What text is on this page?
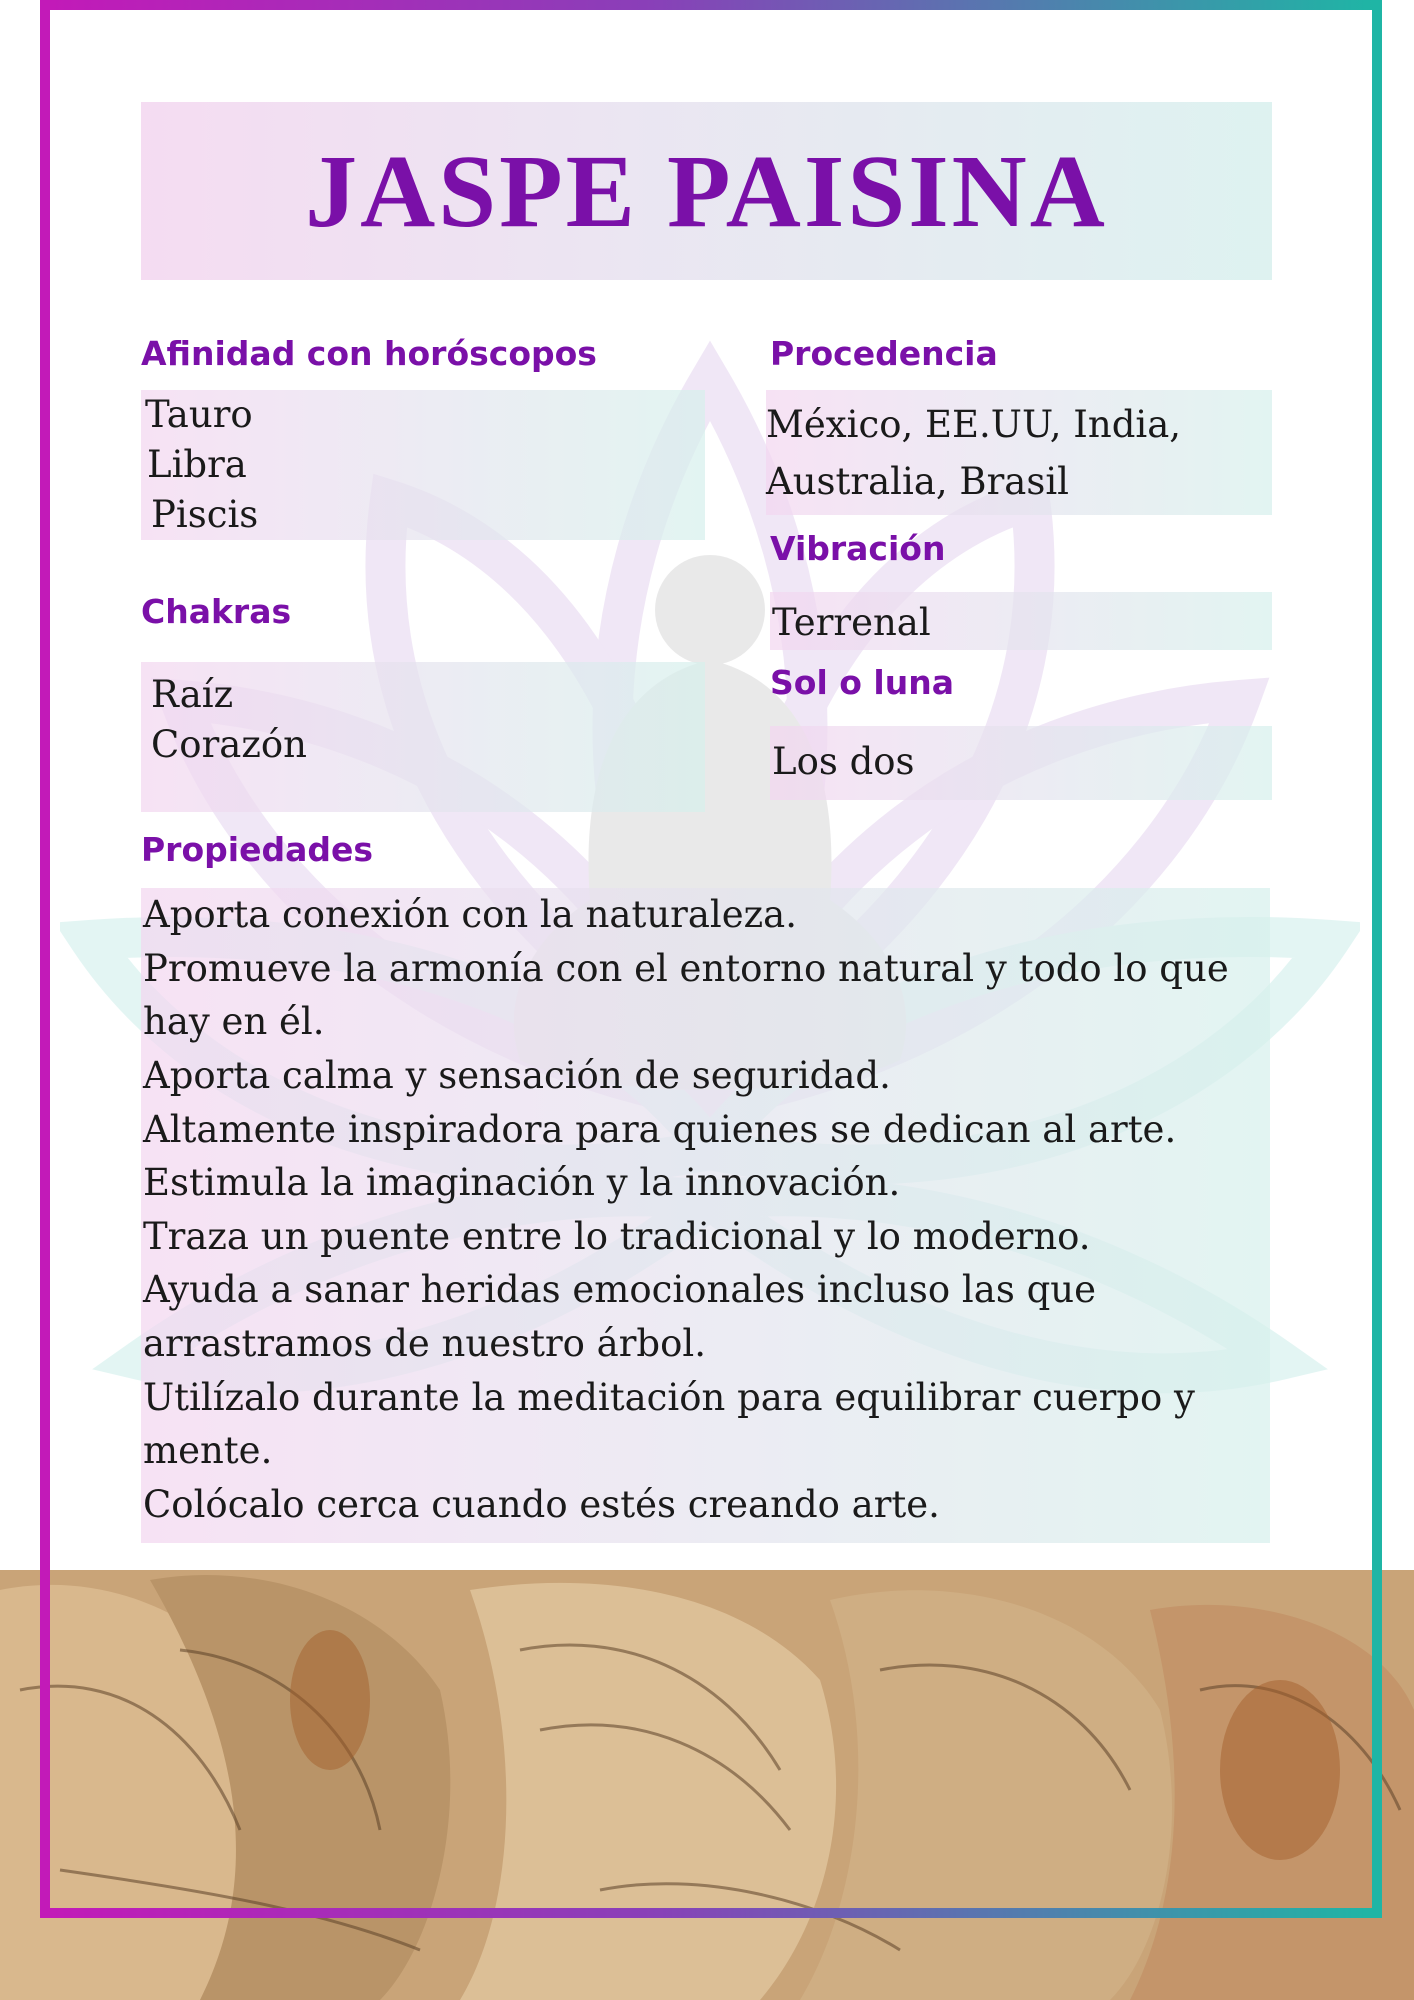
JASPE PAISINA

Afinidad con horóscopos

Tauro
Libra
Piscis

Chakras

Raíz
Corazón

Procedencia

México, EE.UU, India,
Australia, Brasil

Vibración

Terrenal

Sol o luna

Los dos

Propiedades

Aporta conexión con la naturaleza.
Promueve la armonía con el entorno natural y todo lo que hay en él.
Aporta calma y sensación de seguridad.
Altamente inspiradora para quienes se dedican al arte.
Estimula la imaginación y la innovación.
Traza un puente entre lo tradicional y lo moderno.
Ayuda a sanar heridas emocionales incluso las que arrastramos de nuestro árbol.
Utilízalo durante la meditación para equilibrar cuerpo y mente.
Colócalo cerca cuando estés creando arte.
